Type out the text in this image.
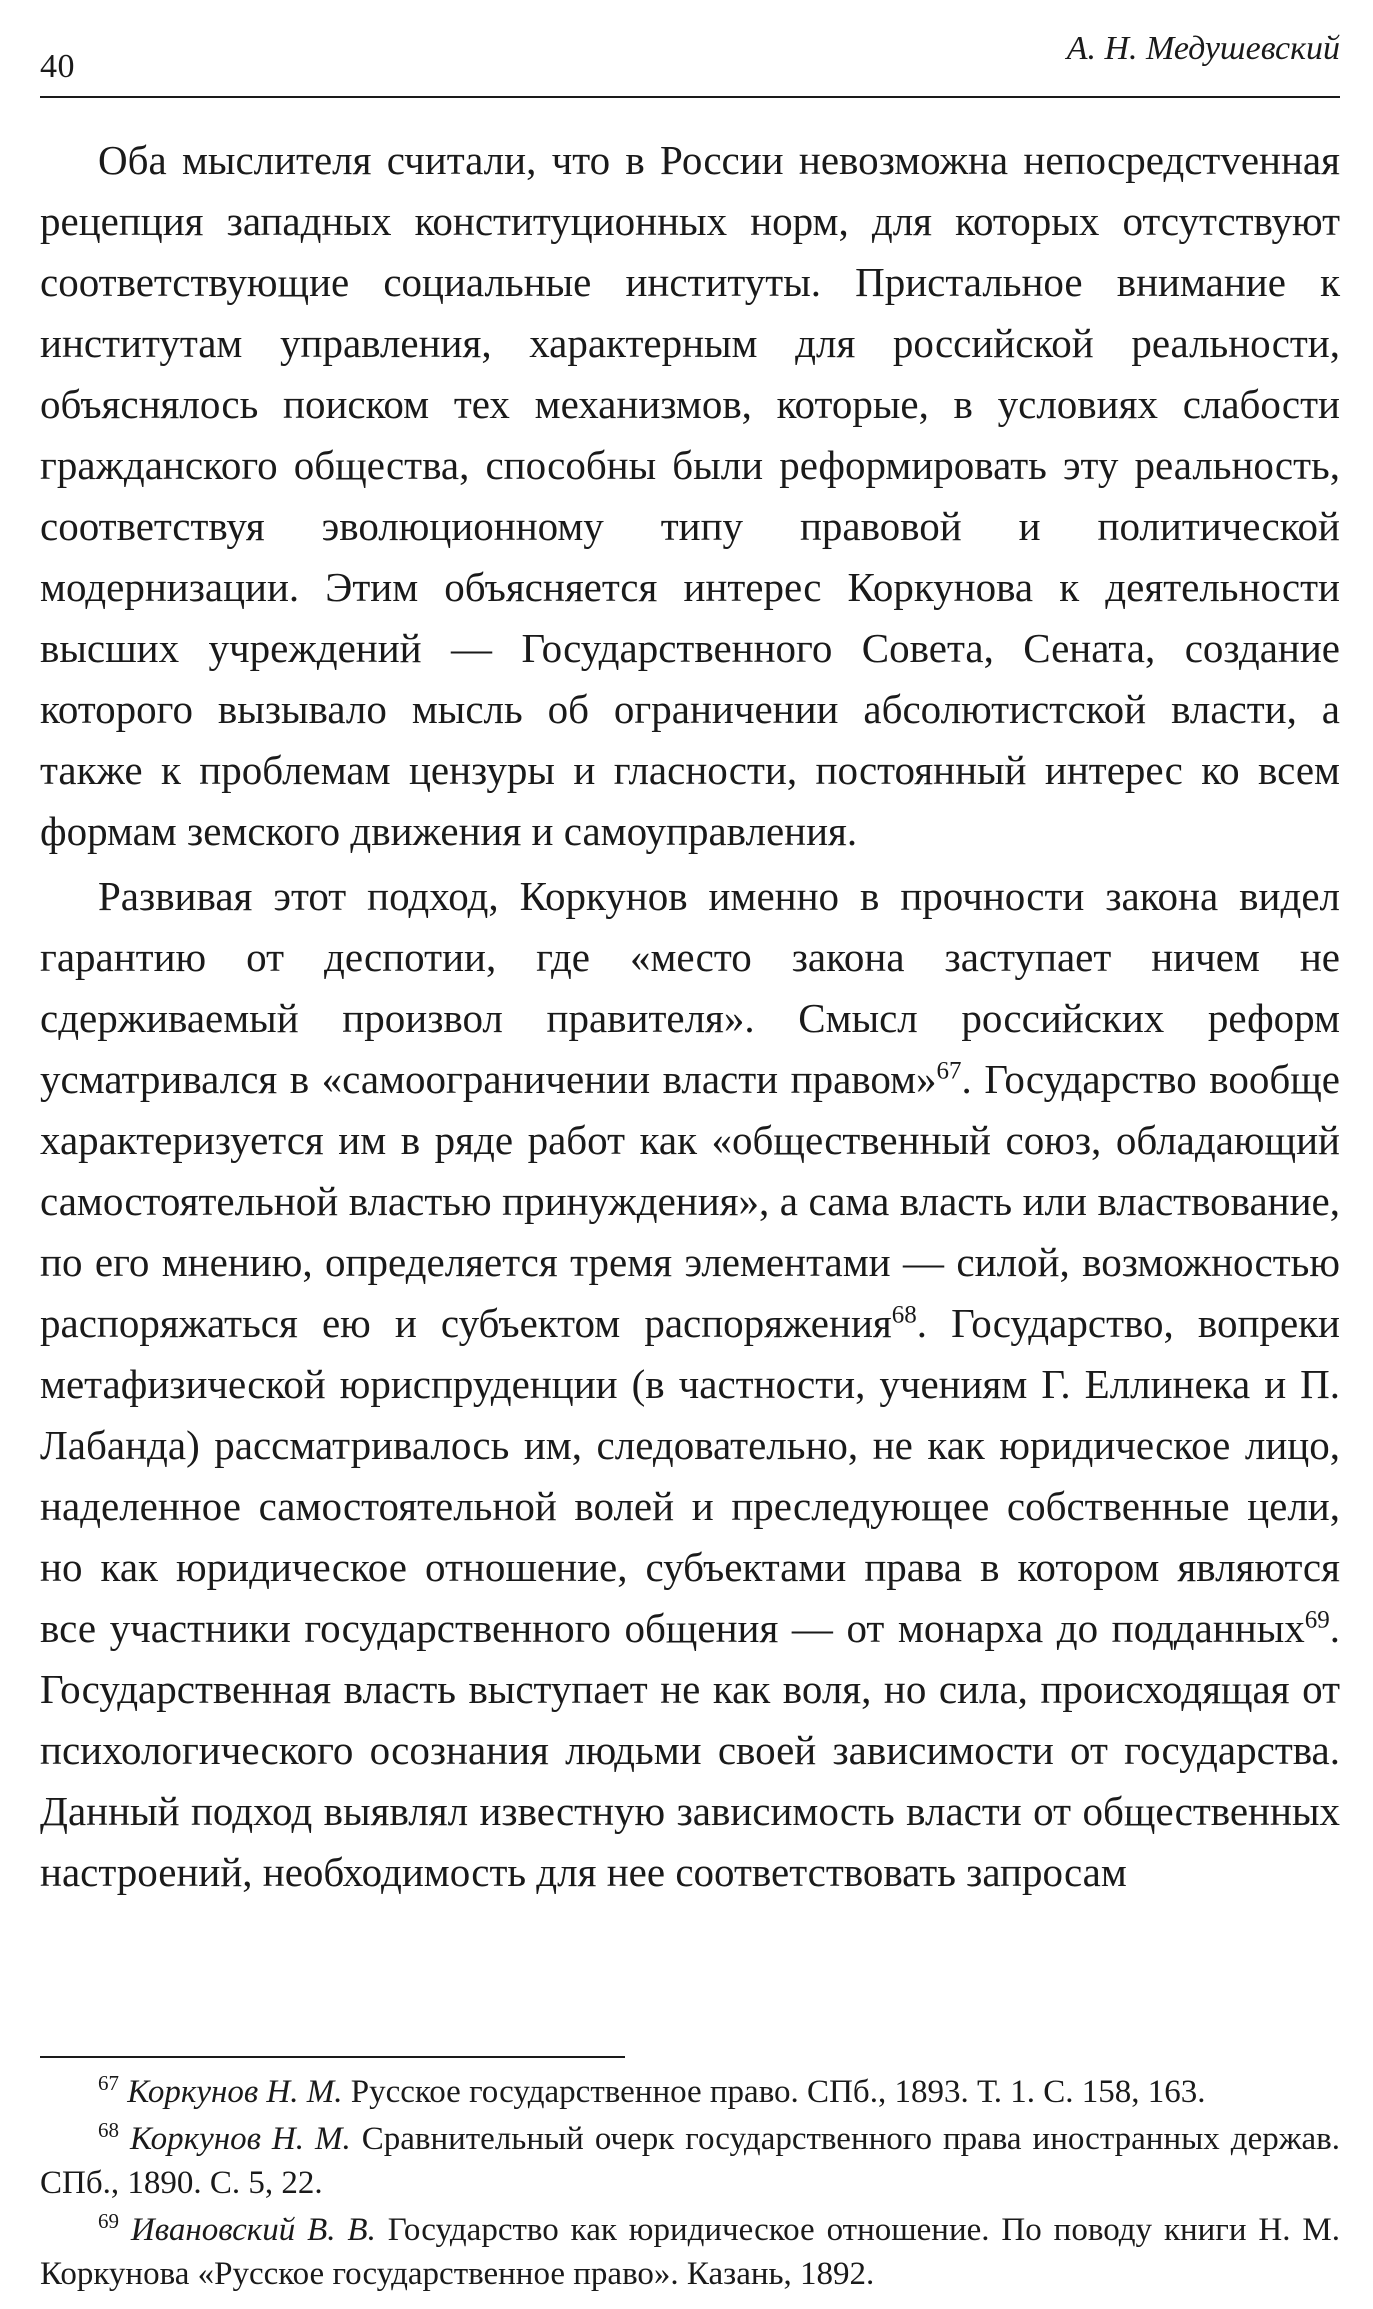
40	А. Н. Медушевский

Оба мыслителя считали, что в России невозможна непосредстvенная рецепция западных конституционных норм, для которых отсутствуют соответствующие социальные институты. Пристальное внимание к институтам управления, характерным для российской реальности, объяснялось поиском тех механизмов, которые, в условиях слабости гражданского общества, способны были реформировать эту реальность, соответствуя эволюционному типу правовой и политической модернизации. Этим объясняется интерес Коркунова к деятельности высших учреждений — Государственного Совета, Сената, создание которого вызывало мысль об ограничении абсолютистской власти, а также к проблемам цензуры и гласности, постоянный интерес ко всем формам земского движения и самоуправления.

Развивая этот подход, Коркунов именно в прочности закона видел гарантию от деспотии, где «место закона заступает ничем не сдерживаемый произвол правителя». Смысл российских реформ усматривался в «самоограничении власти правом»$^{67}$. Государство вообще характеризуется им в ряде работ как «общественный союз, обладающий самостоятельной властью принуждения», а сама власть или властвование, по его мнению, определяется тремя элементами — силой, возможностью распоряжаться ею и субъектом распоряжения$^{68}$. Государство, вопреки метафизической юриспруденции (в частности, учениям Г. Еллинека и П. Лабанда) рассматривалось им, следовательно, не как юридическое лицо, наделенное самостоятельной волей и преследующее собственные цели, но как юридическое отношение, субъектами права в котором являются все участники государственного общения — от монарха до подданных$^{69}$. Государственная власть выступает не как воля, но сила, происходящая от психологического осознания людьми своей зависимости от государства. Данный подход выявлял известную зависимость власти от общественных настроений, необходимость для нее соответствовать запросам

$^{67}$ Коркунов Н. М. Русское государственное право. СПб., 1893. Т. 1. С. 158, 163.

$^{68}$ Коркунов Н. М. Сравнительный очерк государственного права иностранных держав. СПб., 1890. С. 5, 22.

$^{69}$ Ивановский В. В. Государство как юридическое отношение. По поводу книги Н. М. Коркунова «Русское государственное право». Казань, 1892.
